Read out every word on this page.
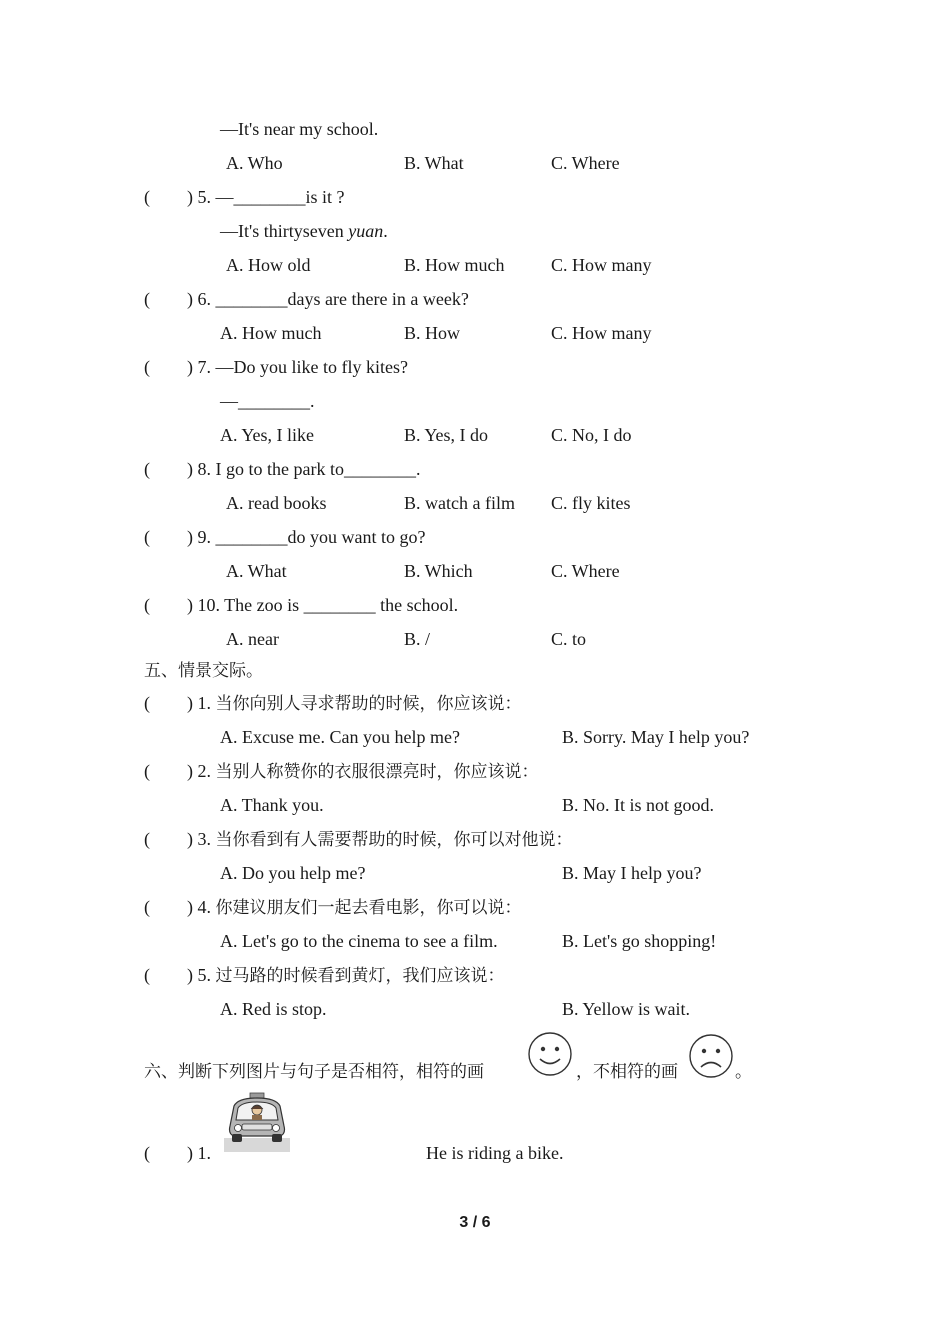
—It's near my school.
A. Who	B. What	C. Where
( ) 5. —________is it ?
—It's thirtyseven yuan.
A. How old	B. How much	C. How many
( ) 6. ________days are there in a week?
A. How much	B. How	C. How many
( ) 7. —Do you like to fly kites?
—________.
A. Yes, I like	B. Yes, I do	C. No, I do
( ) 8. I go to the park to________.
A. read books	B. watch a film C. fly kites
( ) 9. ________do you want to go?
A. What	B. Which	C. Where
( ) 10. The zoo is ________ the school.
A. near	B. /	C. to
五、情景交际。
( ) 1. 当你向别人寻求帮助的时候，你应该说：
A. Excuse me. Can you help me?	B. Sorry. May I help you?
( ) 2. 当别人称赞你的衣服很漂亮时，你应该说：
A. Thank you.	B. No. It is not good.
( ) 3. 当你看到有人需要帮助的时候，你可以对他说：
A. Do you help me?	B. May I help you?
( ) 4. 你建议朋友们一起去看电影，你可以说：
A. Let's go to the cinema to see a film.	B. Let's go shopping!
( ) 5. 过马路的时候看到黄灯，我们应该说：
A. Red is stop.	B. Yellow is wait.
六、判断下列图片与句子是否相符，相符的画	，不相符的画	。
( ) 1.	He is riding a bike.
3 / 6
